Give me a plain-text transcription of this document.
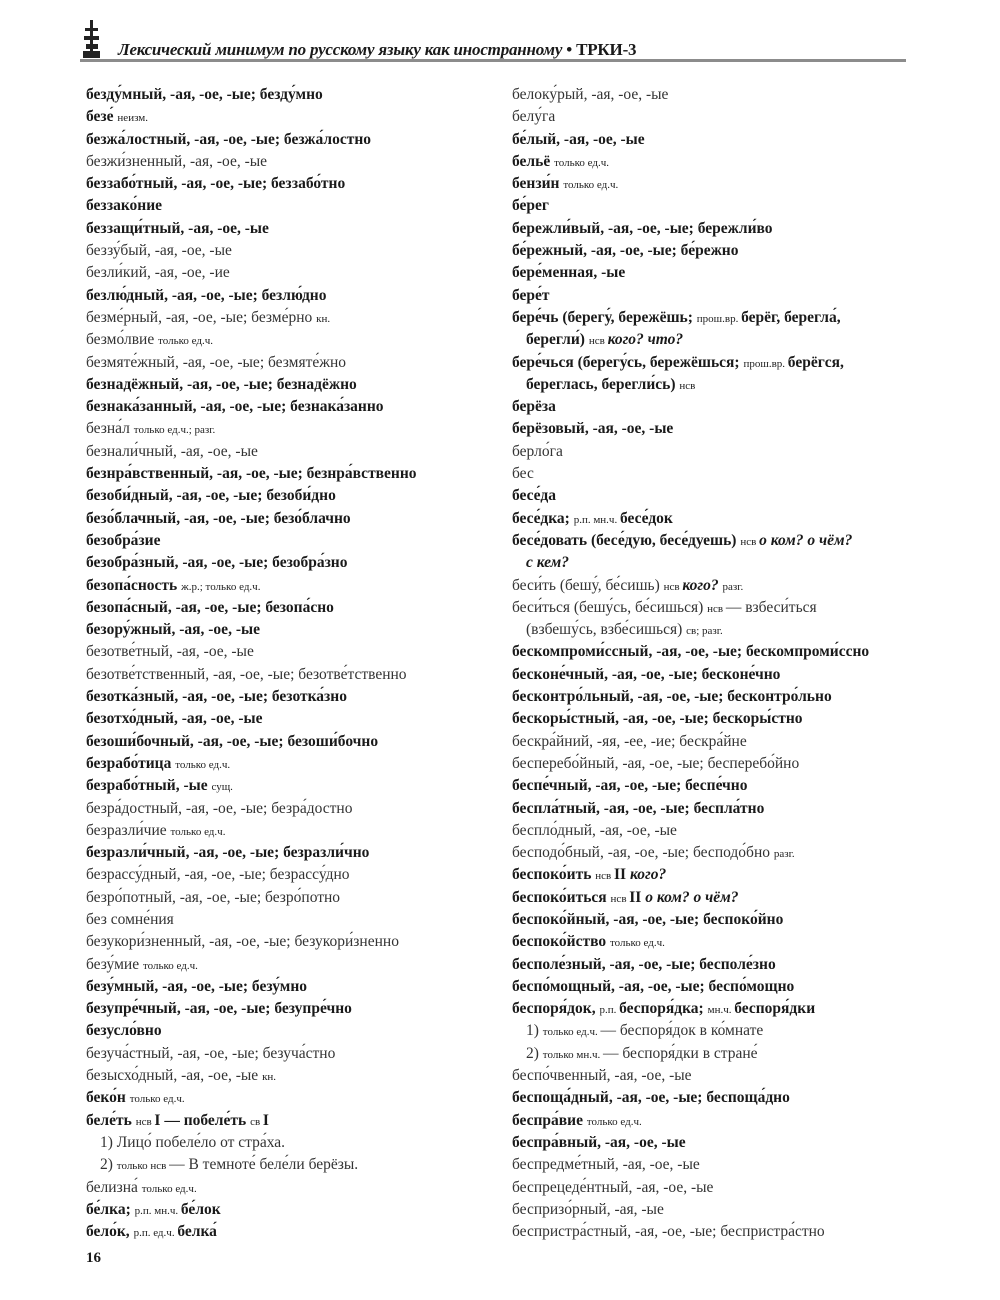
Лексический минимум по русскому языку как иностранному • ТРКИ-3
безду́мный, -ая, -ое, -ые; безду́мно
безе́ неизм.
безжа́лостный, -ая, -ое, -ые; безжа́лостно
безжи́зненный, -ая, -ое, -ые
беззабо́тный, -ая, -ое, -ые; беззабо́тно
беззако́ние
беззащи́тный, -ая, -ое, -ые
беззу́бый, -ая, -ое, -ые
безли́кий, -ая, -ое, -ие
безлю́дный, -ая, -ое, -ые; безлю́дно
безме́рный, -ая, -ое, -ые; безме́рно кн.
безмо́лвие только ед.ч.
безмяте́жный, -ая, -ое, -ые; безмяте́жно
безнадёжный, -ая, -ое, -ые; безнадёжно
безнака́занный, -ая, -ое, -ые; безнака́занно
безна́л только ед.ч.; разг.
безнали́чный, -ая, -ое, -ые
безнра́вственный, -ая, -ое, -ые; безнра́вственно
безоби́дный, -ая, -ое, -ые; безоби́дно
безо́блачный, -ая, -ое, -ые; безо́блачно
безобра́зие
безобра́зный, -ая, -ое, -ые; безобра́зно
безопа́сность ж.р.; только ед.ч.
безопа́сный, -ая, -ое, -ые; безопа́сно
безору́жный, -ая, -ое, -ые
безотве́тный, -ая, -ое, -ые
безотве́тственный, -ая, -ое, -ые; безотве́тственно
безотка́зный, -ая, -ое, -ые; безотка́зно
безотхо́дный, -ая, -ое, -ые
безоши́бочный, -ая, -ое, -ые; безоши́бочно
безрабо́тица только ед.ч.
безрабо́тный, -ые сущ.
безра́достный, -ая, -ое, -ые; безра́достно
безразли́чие только ед.ч.
безразли́чный, -ая, -ое, -ые; безразли́чно
безрассу́дный, -ая, -ое, -ые; безрассу́дно
безро́потный, -ая, -ое, -ые; безро́потно
без сомне́ния
безукори́зненный, -ая, -ое, -ые; безукори́зненно
безу́мие только ед.ч.
безу́мный, -ая, -ое, -ые; безу́мно
безупре́чный, -ая, -ое, -ые; безупре́чно
безусло́вно
безуча́стный, -ая, -ое, -ые; безуча́стно
безысхо́дный, -ая, -ое, -ые кн.
беко́н только ед.ч.
беле́ть нсв I — побеле́ть св I
1) Лицо́ побеле́ло от стра́ха.
2) только нсв — В темноте́ беле́ли берёзы.
белизна́ только ед.ч.
бе́лка; р.п. мн.ч. бе́лок
бело́к, р.п. ед.ч. белка́
белоку́рый, -ая, -ое, -ые
белу́га
бе́лый, -ая, -ое, -ые
бельё только ед.ч.
бензи́н только ед.ч.
бе́рег
бережли́вый, -ая, -ое, -ые; бережли́во
бе́режный, -ая, -ое, -ые; бе́режно
бере́менная, -ые
бере́т
бере́чь (берегу́, бережёшь; прош.вр. берёг, берегла́,
берегли́) нсв кого? что?
бере́чься (берегу́сь, бережёшься; прош.вр. берёгся,
береглась, берегли́сь) нсв
берёза
берёзовый, -ая, -ое, -ые
берло́га
бес
бесе́да
бесе́дка; р.п. мн.ч. бесе́док
бесе́довать (бесе́дую, бесе́дуешь) нсв о ком? о чём?
с кем?
беси́ть (бешу́, бе́сишь) нсв кого? разг.
беси́ться (бешу́сь, бе́сишься) нсв — взбеси́ться
(взбешу́сь, взбе́сишься) св; разг.
бескомпроми́ссный, -ая, -ое, -ые; бескомпроми́ссно
бесконе́чный, -ая, -ое, -ые; бесконе́чно
бесконтро́льный, -ая, -ое, -ые; бесконтро́льно
бескоры́стный, -ая, -ое, -ые; бескоры́стно
бескра́йний, -яя, -ее, -ие; бескра́йне
бесперебо́йный, -ая, -ое, -ые; бесперебо́йно
беспе́чный, -ая, -ое, -ые; беспе́чно
беспла́тный, -ая, -ое, -ые; беспла́тно
беспло́дный, -ая, -ое, -ые
бесподо́бный, -ая, -ое, -ые; бесподо́бно разг.
беспоко́ить нсв II кого?
беспоко́иться нсв II о ком? о чём?
беспоко́йный, -ая, -ое, -ые; беспоко́йно
беспоко́йство только ед.ч.
бесполе́зный, -ая, -ое, -ые; бесполе́зно
беспо́мощный, -ая, -ое, -ые; беспо́мощно
беспоря́док, р.п. беспоря́дка; мн.ч. беспоря́дки
1) только ед.ч. — беспоря́док в ко́мнате
2) только мн.ч. — беспоря́дки в стране́
беспо́чвенный, -ая, -ое, -ые
беспоща́дный, -ая, -ое, -ые; беспоща́дно
беспра́вие только ед.ч.
беспра́вный, -ая, -ое, -ые
беспредме́тный, -ая, -ое, -ые
беспрецеде́нтный, -ая, -ое, -ые
беспризо́рный, -ая, -ые
беспристра́стный, -ая, -ое, -ые; беспристра́стно
16
